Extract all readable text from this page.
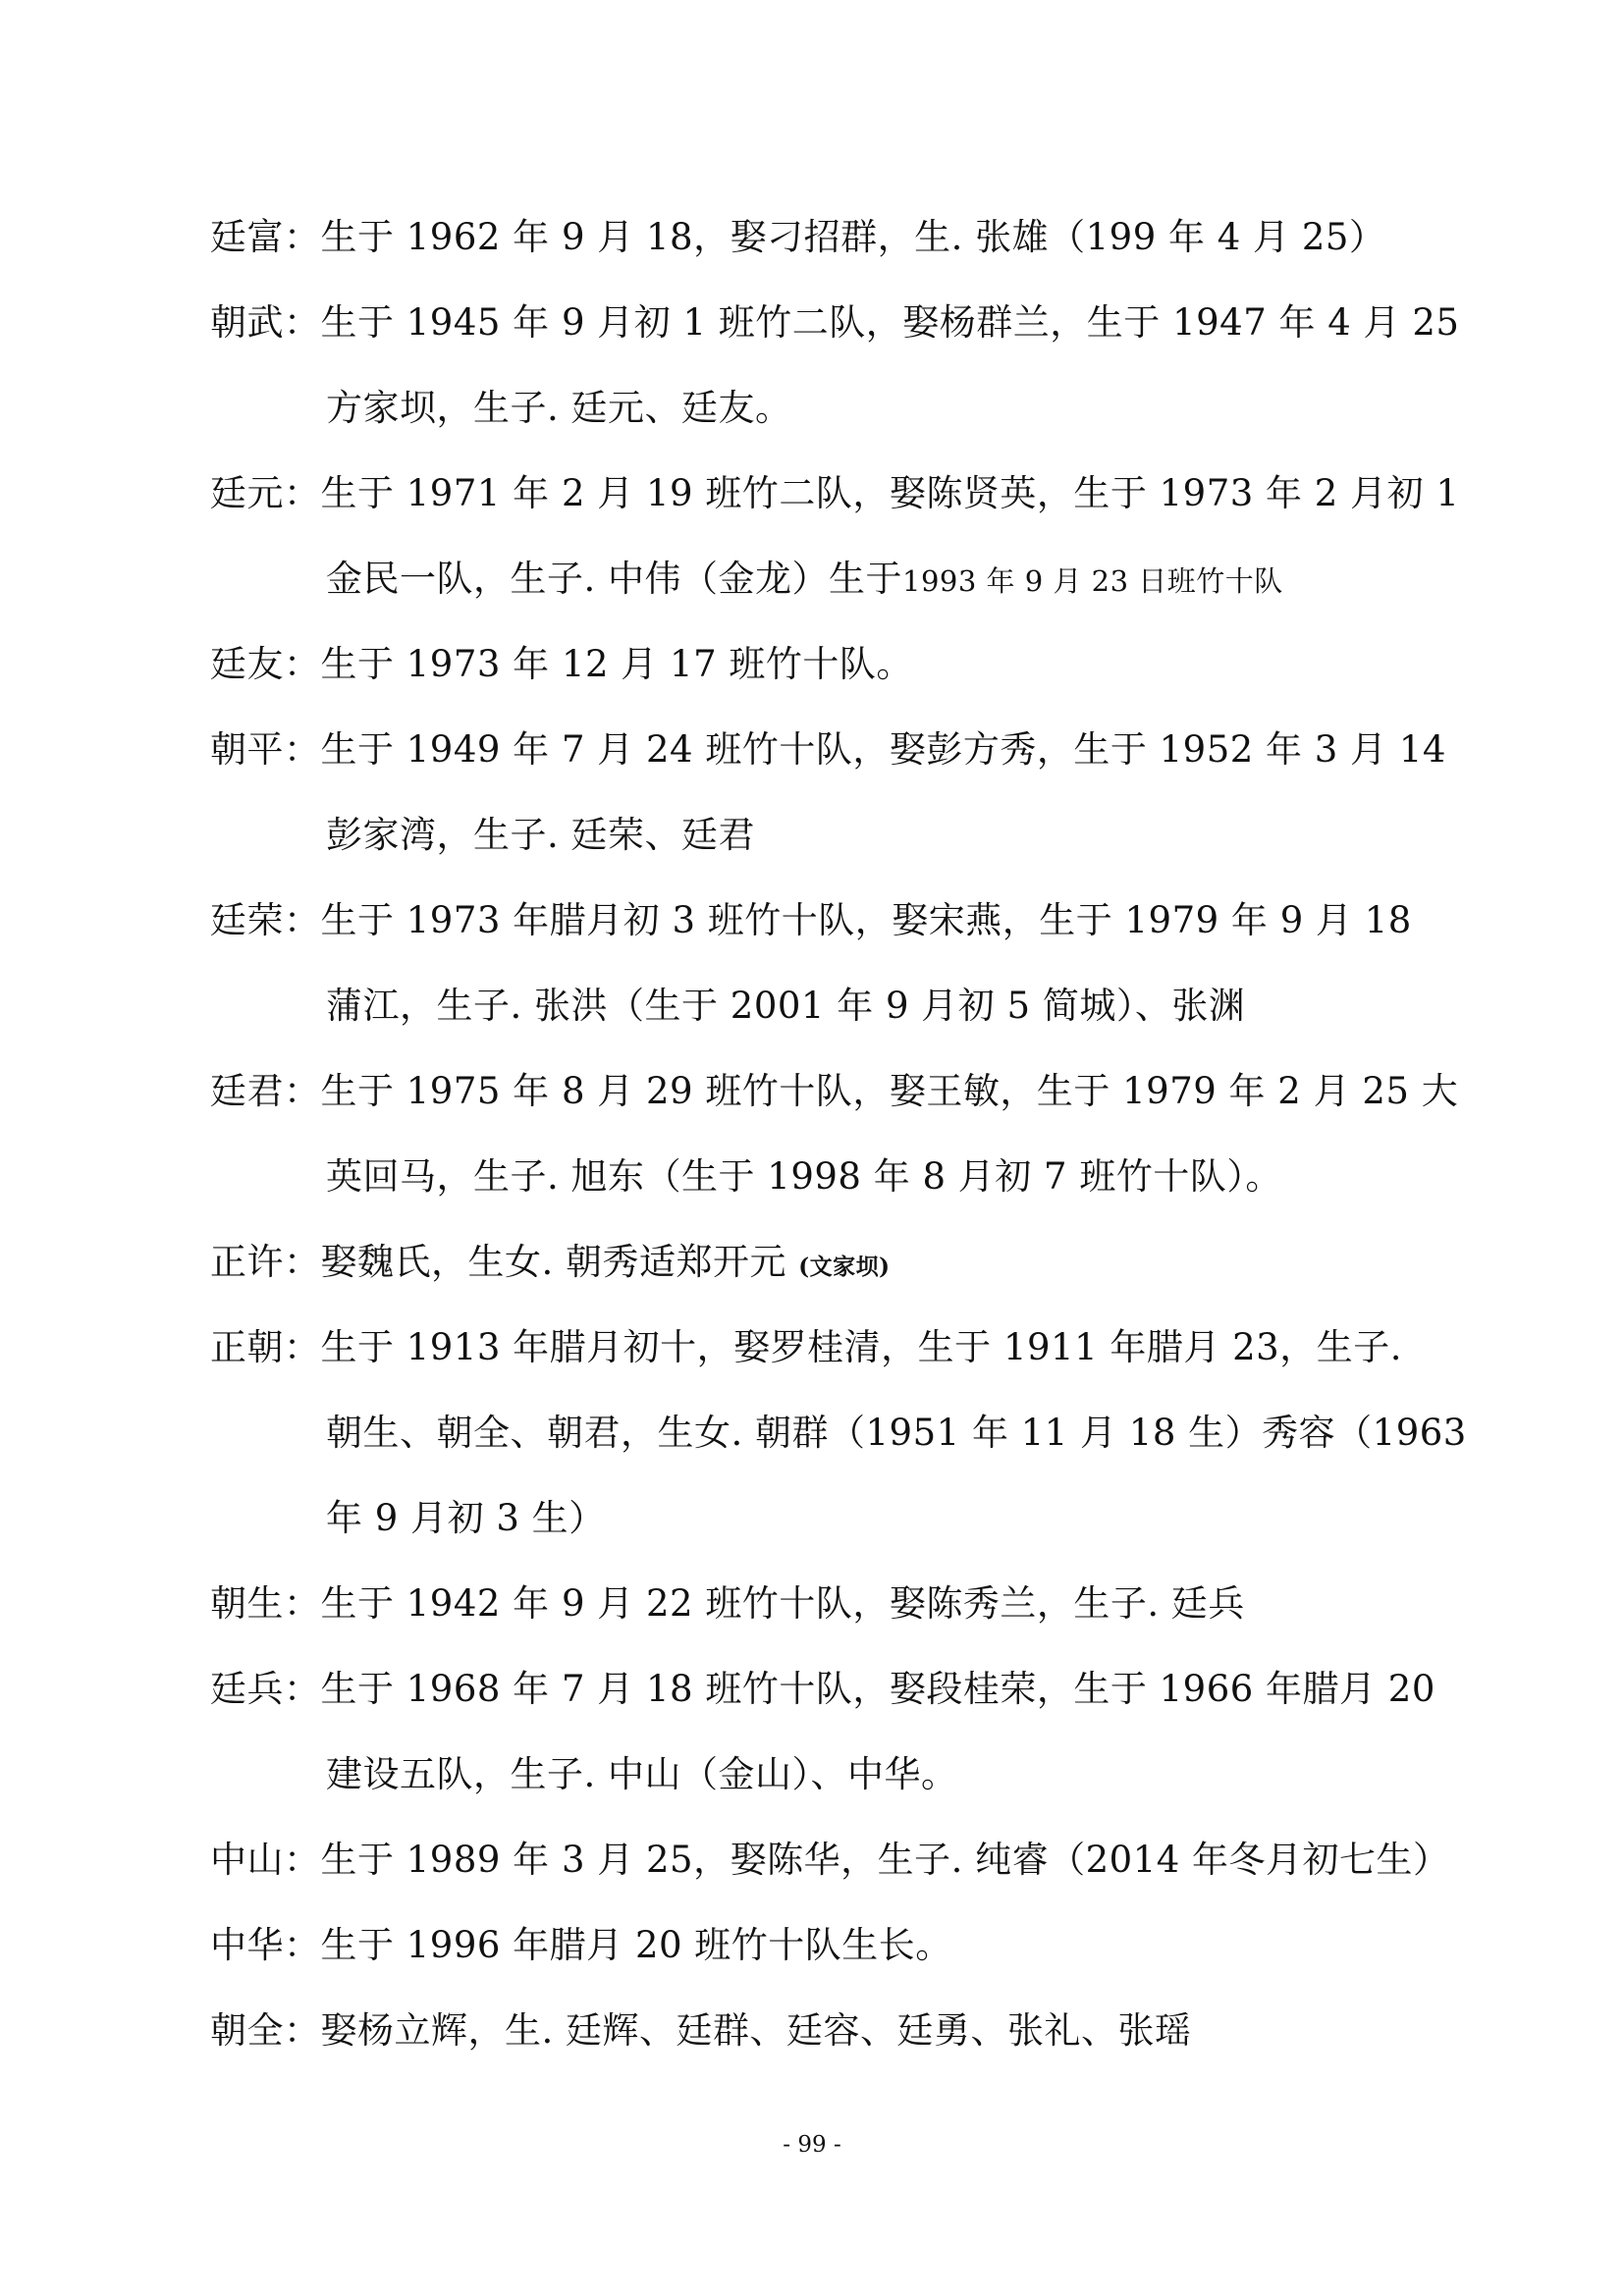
廷富：生于 1962 年 9 月 18，娶刁招群，生. 张雄（199 年 4 月 25）
朝武：生于 1945 年 9 月初 1 班竹二队，娶杨群兰，生于 1947 年 4 月 25
方家坝，生子. 廷元、廷友。
廷元：生于 1971 年 2 月 19 班竹二队，娶陈贤英，生于 1973 年 2 月初 1
金民一队，生子. 中伟（金龙）生于1993 年 9 月 23 日班竹十队
廷友：生于 1973 年 12 月 17 班竹十队。
朝平：生于 1949 年 7 月 24 班竹十队，娶彭方秀，生于 1952 年 3 月 14
彭家湾，生子. 廷荣、廷君
廷荣：生于 1973 年腊月初 3 班竹十队，娶宋燕，生于 1979 年 9 月 18
蒲江，生子. 张洪（生于 2001 年 9 月初 5 简城）、张渊
廷君：生于 1975 年 8 月 29 班竹十队，娶王敏，生于 1979 年 2 月 25 大
英回马，生子. 旭东（生于 1998 年 8 月初 7 班竹十队）。
正许：娶魏氏，生女. 朝秀适郑开元 (文家坝)
正朝：生于 1913 年腊月初十，娶罗桂清，生于 1911 年腊月 23，生子.
朝生、朝全、朝君，生女. 朝群（1951 年 11 月 18 生）秀容（1963
年 9 月初 3 生）
朝生：生于 1942 年 9 月 22 班竹十队，娶陈秀兰，生子. 廷兵
廷兵：生于 1968 年 7 月 18 班竹十队，娶段桂荣，生于 1966 年腊月 20
建设五队，生子. 中山（金山）、中华。
中山：生于 1989 年 3 月 25，娶陈华，生子. 纯睿（2014 年冬月初七生）
中华：生于 1996 年腊月 20 班竹十队生长。
朝全：娶杨立辉，生. 廷辉、廷群、廷容、廷勇、张礼、张瑶
- 99 -
